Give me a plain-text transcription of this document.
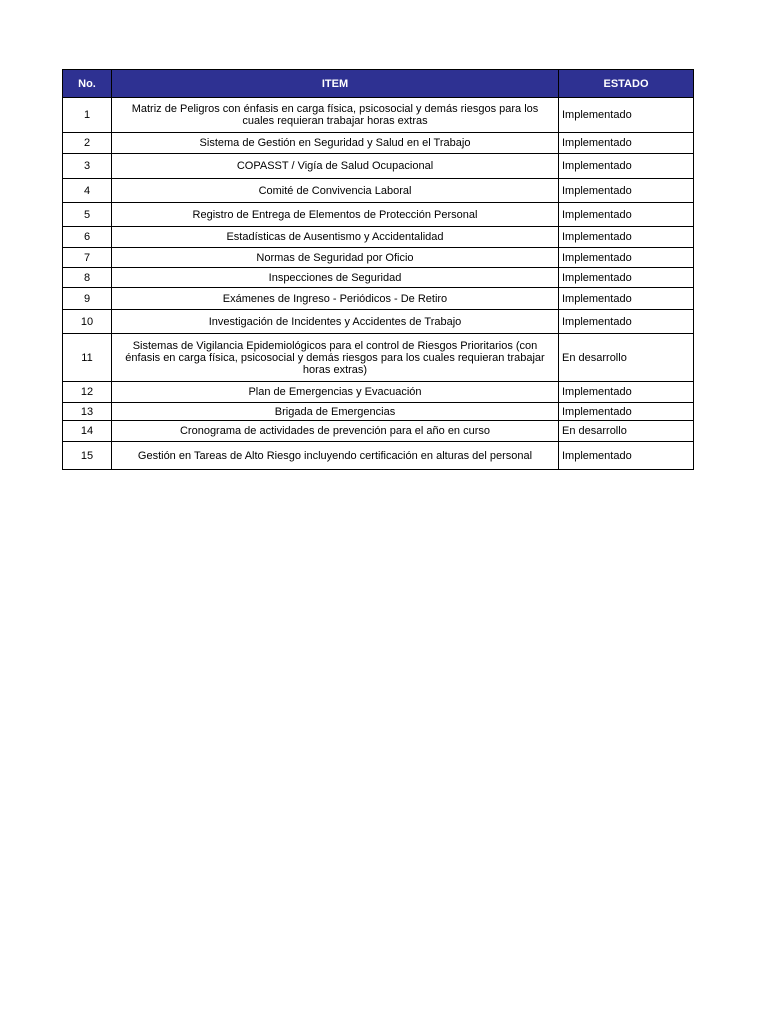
No.	ITEM	ESTADO
1	Matriz de Peligros con énfasis en carga física, psicosocial y demás riesgos para los cuales requieran trabajar horas extras	Implementado
2	Sistema de Gestión en Seguridad y Salud en el Trabajo	Implementado
3	COPASST / Vigía de Salud Ocupacional	Implementado
4	Comité de Convivencia Laboral	Implementado
5	Registro de Entrega de Elementos de Protección Personal	Implementado
6	Estadísticas de Ausentismo y Accidentalidad	Implementado
7	Normas de Seguridad por Oficio	Implementado
8	Inspecciones de Seguridad	Implementado
9	Exámenes de Ingreso - Periódicos - De Retiro	Implementado
10	Investigación de Incidentes y Accidentes de Trabajo	Implementado
11	Sistemas de Vigilancia Epidemiológicos para el control de Riesgos Prioritarios (con énfasis en carga física, psicosocial y demás riesgos para los cuales requieran trabajar horas extras)	En desarrollo
12	Plan de Emergencias y Evacuación	Implementado
13	Brigada de Emergencias	Implementado
14	Cronograma de actividades de prevención para el año en curso	En desarrollo
15	Gestión en Tareas de Alto Riesgo incluyendo certificación en alturas del personal	Implementado
